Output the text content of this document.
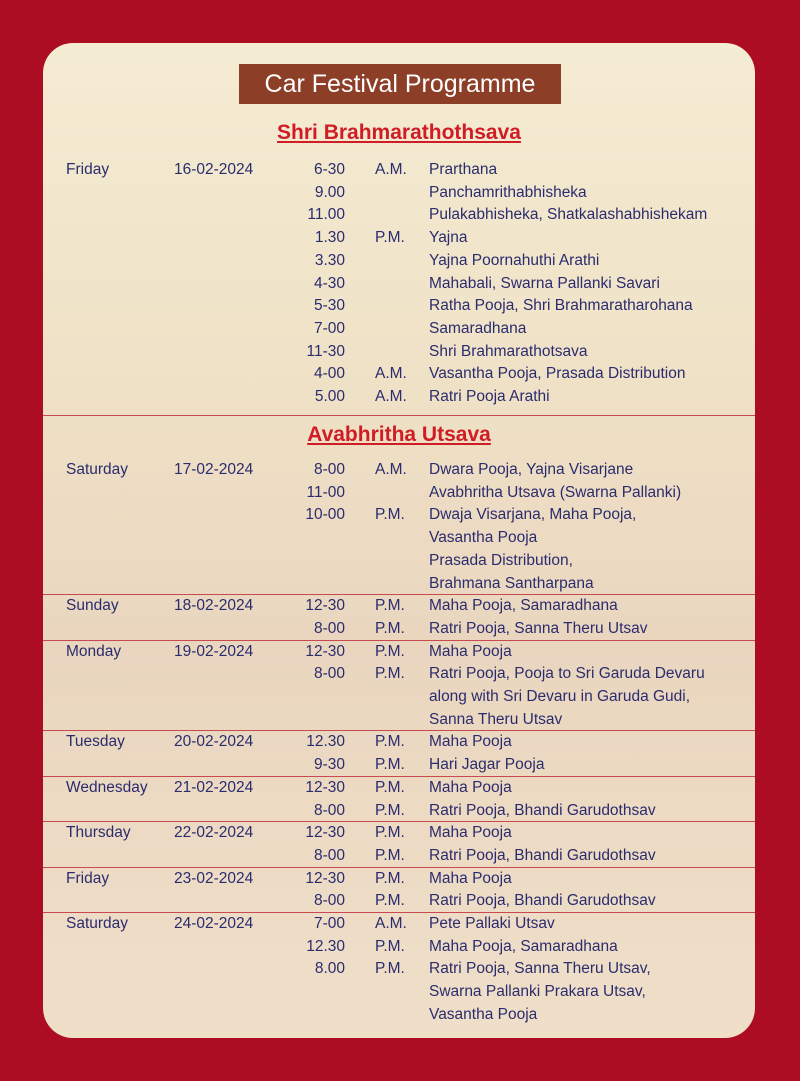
Car Festival Programme
Shri Brahmarathothsava
Friday	16-02-2024	6-30 A.M. Prarthana
9.00	Panchamrithabhisheka
11.00	Pulakabhisheka, Shatkalashabhishekam
1.30 P.M. Yajna
3.30	Yajna Poornahuthi Arathi
4-30	Mahabali, Swarna Pallanki Savari
5-30	Ratha Pooja, Shri Brahmaratharohana
7-00	Samaradhana
11-30	Shri Brahmarathotsava
4-00 A.M. Vasantha Pooja, Prasada Distribution
5.00 A.M. Ratri Pooja Arathi
Avabhritha Utsava
Saturday	17-02-2024	8-00 A.M. Dwara Pooja, Yajna Visarjane
11-00	Avabhritha Utsava (Swarna Pallanki)
10-00 P.M. Dwaja Visarjana, Maha Pooja,
Vasantha Pooja
Prasada Distribution,
Brahmana Santharpana
Sunday	18-02-2024	12-30 P.M. Maha Pooja, Samaradhana
8-00 P.M. Ratri Pooja, Sanna Theru Utsav
Monday	19-02-2024	12-30 P.M. Maha Pooja
8-00 P.M. Ratri Pooja, Pooja to Sri Garuda Devaru
along with Sri Devaru in Garuda Gudi,
Sanna Theru Utsav
Tuesday	20-02-2024	12.30 P.M. Maha Pooja
9-30 P.M. Hari Jagar Pooja
Wednesday 21-02-2024	12-30 P.M. Maha Pooja
8-00 P.M. Ratri Pooja, Bhandi Garudothsav
Thursday	22-02-2024	12-30 P.M. Maha Pooja
8-00 P.M. Ratri Pooja, Bhandi Garudothsav
Friday	23-02-2024	12-30 P.M. Maha Pooja
8-00 P.M. Ratri Pooja, Bhandi Garudothsav
Saturday	24-02-2024	7-00 A.M. Pete Pallaki Utsav
12.30 P.M. Maha Pooja, Samaradhana
8.00 P.M. Ratri Pooja, Sanna Theru Utsav,
Swarna Pallanki Prakara Utsav,
Vasantha Pooja
